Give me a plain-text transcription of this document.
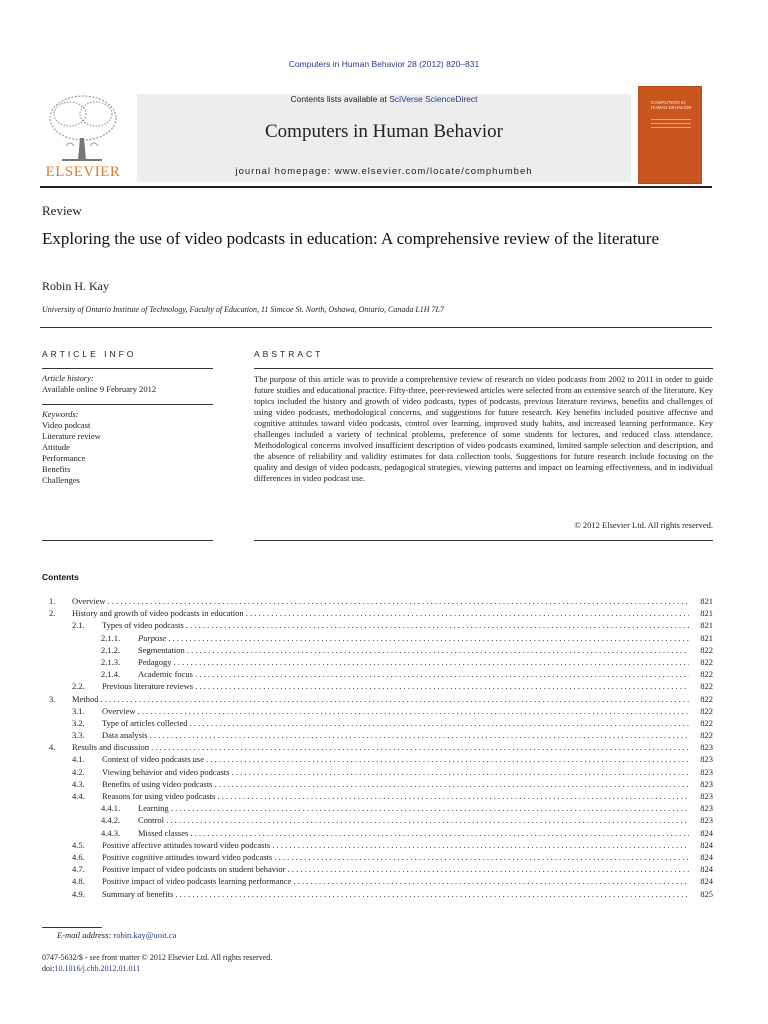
Computers in Human Behavior 28 (2012) 820–831
Contents lists available at SciVerse ScienceDirect
Computers in Human Behavior
journal homepage: www.elsevier.com/locate/comphumbeh
ELSEVIER
COMPUTERS IN HUMAN BEHAVIOR
Review
Exploring the use of video podcasts in education: A comprehensive review of the literature
Robin H. Kay
University of Ontario Institute of Technology, Faculty of Education, 11 Simcoe St. North, Oshawa, Ontario, Canada L1H 7L7
ARTICLE INFO
Article history:
Available online 9 February 2012
Keywords:
Video podcast
Literature review
Attitude
Performance
Benefits
Challenges
ABSTRACT
The purpose of this article was to provide a comprehensive review of research on video podcasts from 2002 to 2011 in order to guide future studies and educational practice. Fifty-three, peer-reviewed articles were selected from an extensive search of the literature. Key topics included the history and growth of video podcasts, types of podcasts, previous literature reviews, benefits and challenges of using video podcasts, methodological concerns, and suggestions for future research. Key benefits included positive affective and cognitive attitudes toward video podcasts, control over learning, improved study habits, and increased learning performance. Key challenges included a variety of technical problems, preference of some students for lectures, and reduced class attendance. Methodological concerns involved insufficient description of video podcasts examined, limited sample selection and description, and the absence of reliability and validity estimates for data collection tools. Suggestions for future research include focusing on the quality and design of video podcasts, pedagogical strategies, viewing patterns and impact on learning effectiveness, and in individual differences in video podcast use.
© 2012 Elsevier Ltd. All rights reserved.
Contents
1. Overview . . .	821
2. History and growth of video podcasts in education . . .	821
2.1. Types of video podcasts . . .	821
2.1.1. Purpose . . .	821
2.1.2. Segmentation . . .	822
2.1.3. Pedagogy . . .	822
2.1.4. Academic focus . . .	822
2.2. Previous literature reviews . . .	822
3. Method . . .	822
3.1. Overview . . .	822
3.2. Type of articles collected . . .	822
3.3. Data analysis . . .	822
4. Results and discussion . . .	823
4.1. Context of video podcasts use . . .	823
4.2. Viewing behavior and video podcasts . . .	823
4.3. Benefits of using video podcasts . . .	823
4.4. Reasons for using video podcasts . . .	823
4.4.1. Learning . . .	823
4.4.2. Control . . .	823
4.4.3. Missed classes . . .	824
4.5. Positive affective attitudes toward video podcasts . . .	824
4.6. Positive cognitive attitudes toward video podcasts . . .	824
4.7. Positive impact of video podcasts on student behavior . . .	824
4.8. Positive impact of video podcasts learning performance . . .	824
4.9. Summary of benefits . . .	825
E-mail address: robin.kay@uoit.ca
0747-5632/$ - see front matter © 2012 Elsevier Ltd. All rights reserved.
doi:10.1016/j.chb.2012.01.011
